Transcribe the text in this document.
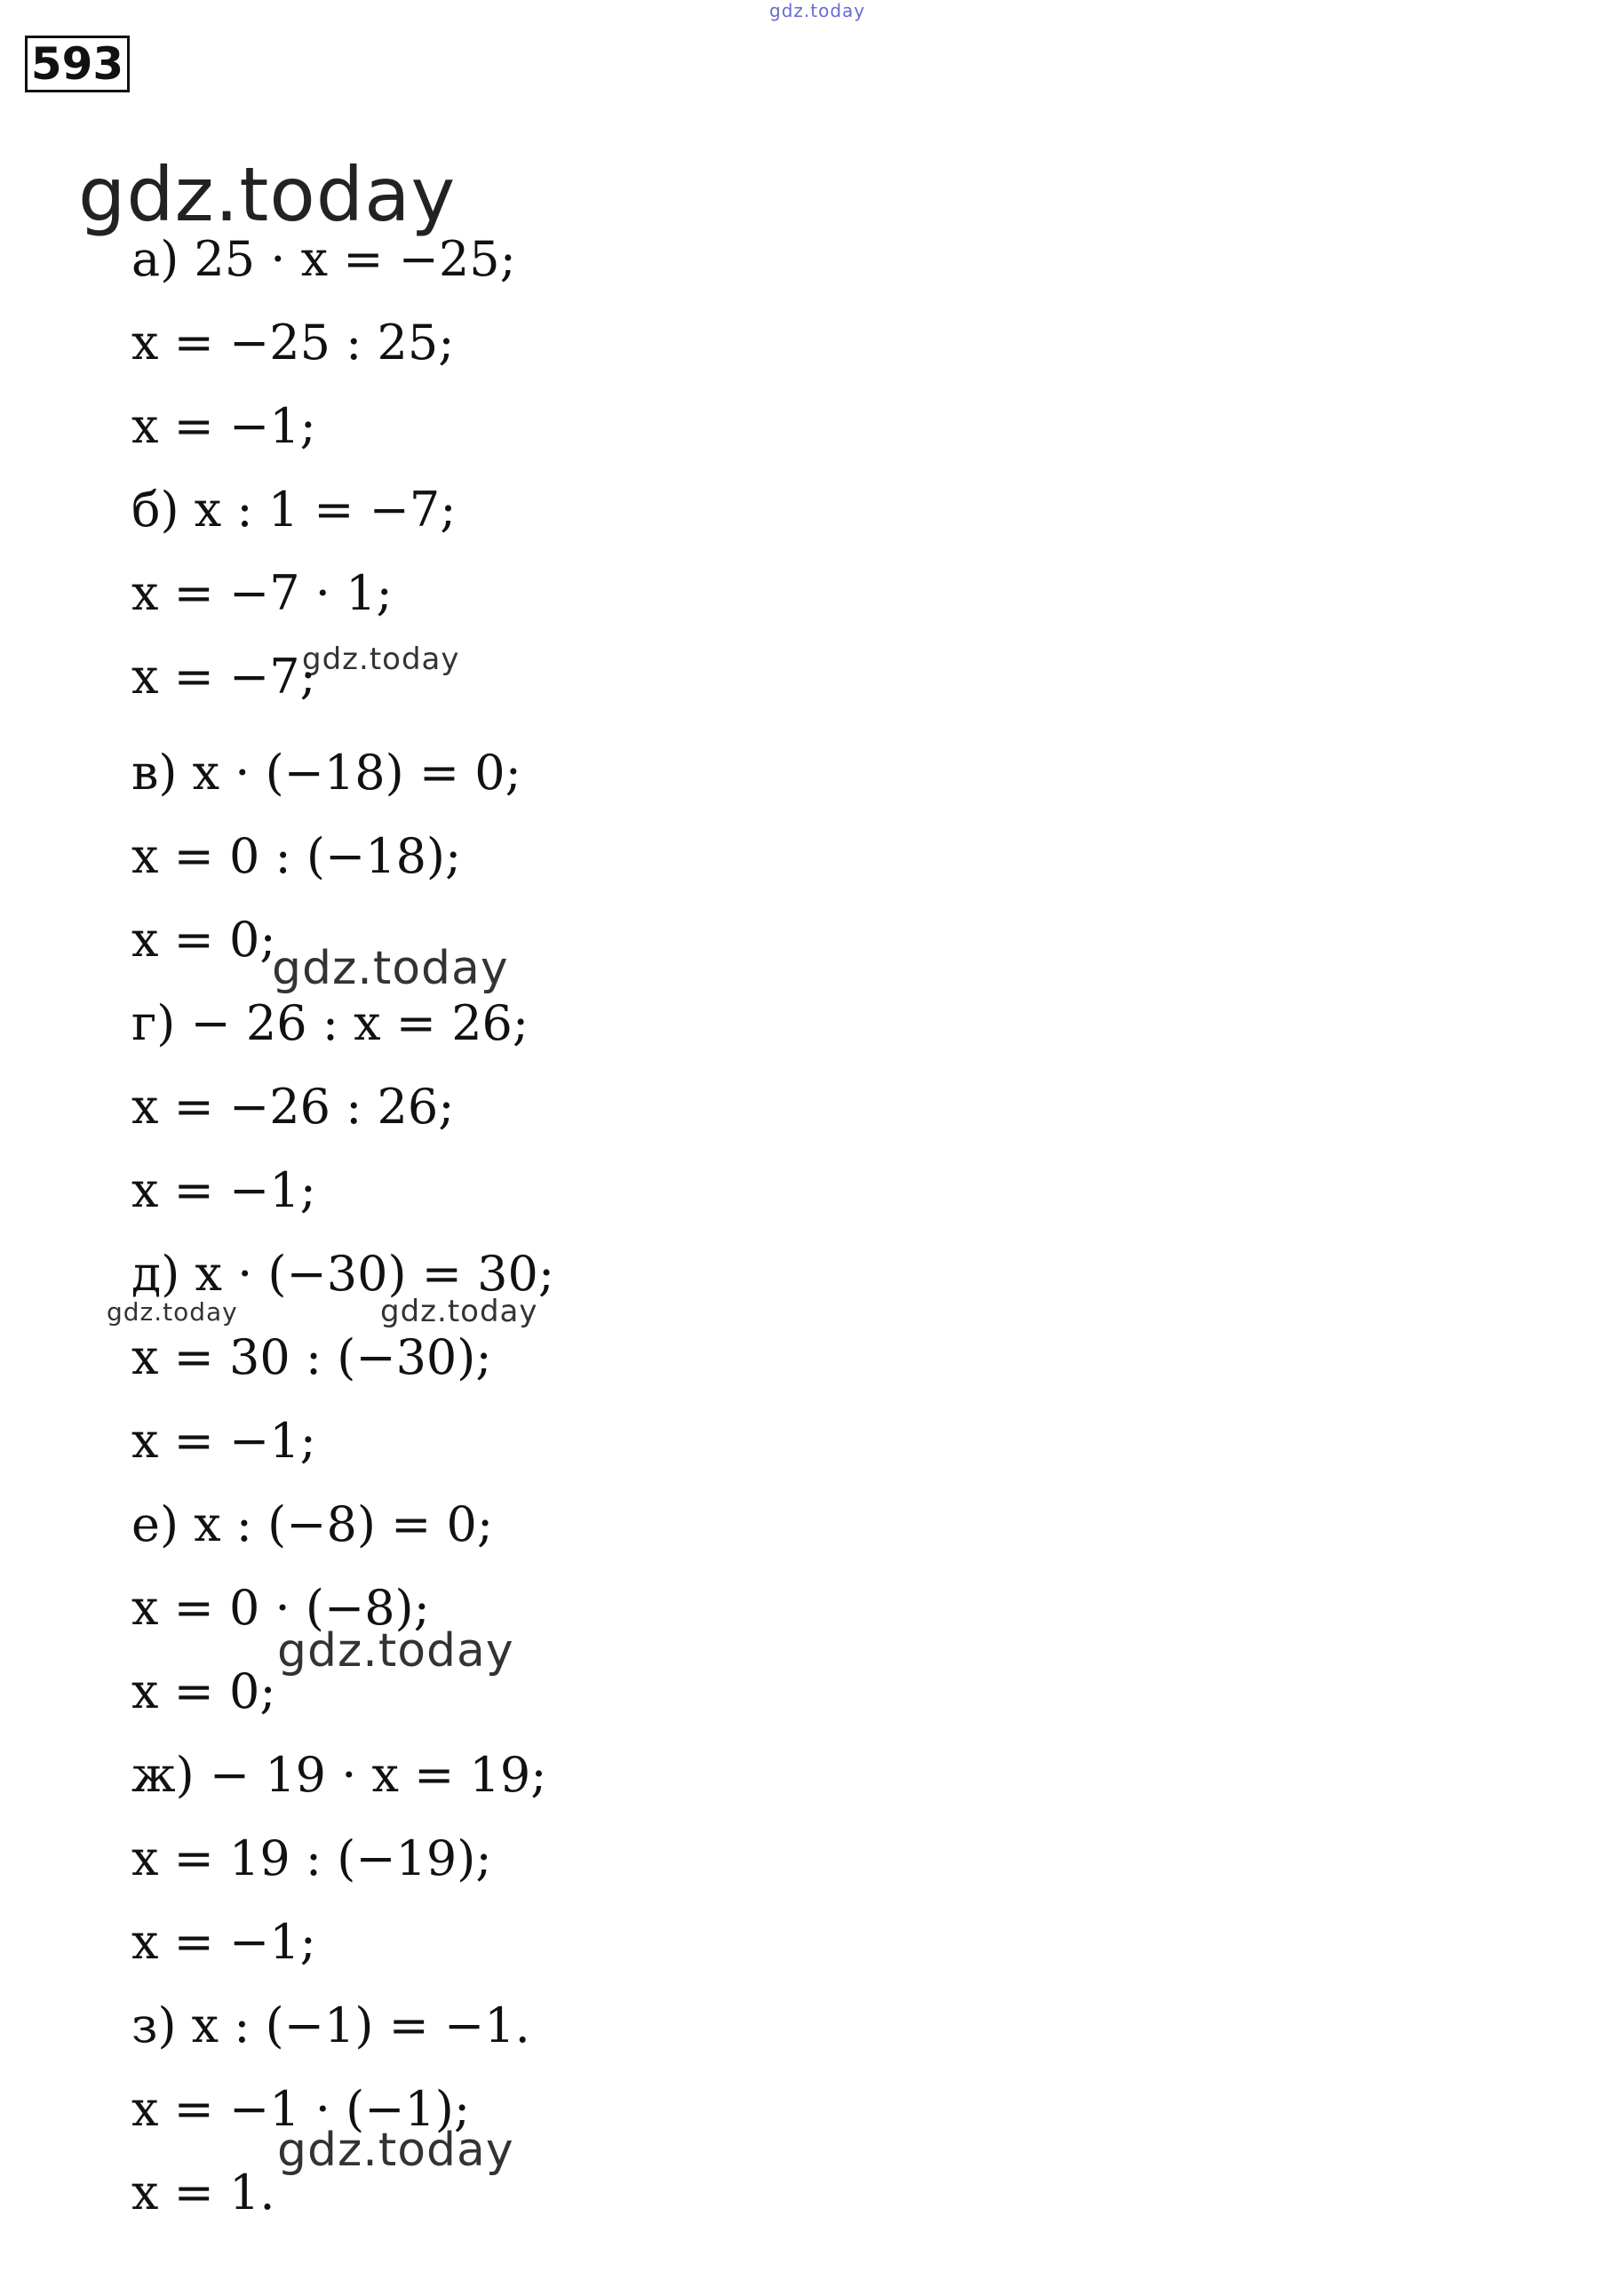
593
gdz.today
gdz.today
gdz.today
gdz.today
gdz.today	gdz.today
gdz.today
gdz.today
а) 25 · x = −25;
x = −25 : 25;
x = −1;
б) x : 1 = −7;
x = −7 · 1;
x = −7;
в) x · (−18) = 0;
x = 0 : (−18);
x = 0;
г) − 26 : x = 26;
x = −26 : 26;
x = −1;
д) x · (−30) = 30;
x = 30 : (−30);
x = −1;
е) x : (−8) = 0;
x = 0 · (−8);
x = 0;
ж) − 19 · x = 19;
x = 19 : (−19);
x = −1;
з) x : (−1) = −1.
x = −1 · (−1);
x = 1.
